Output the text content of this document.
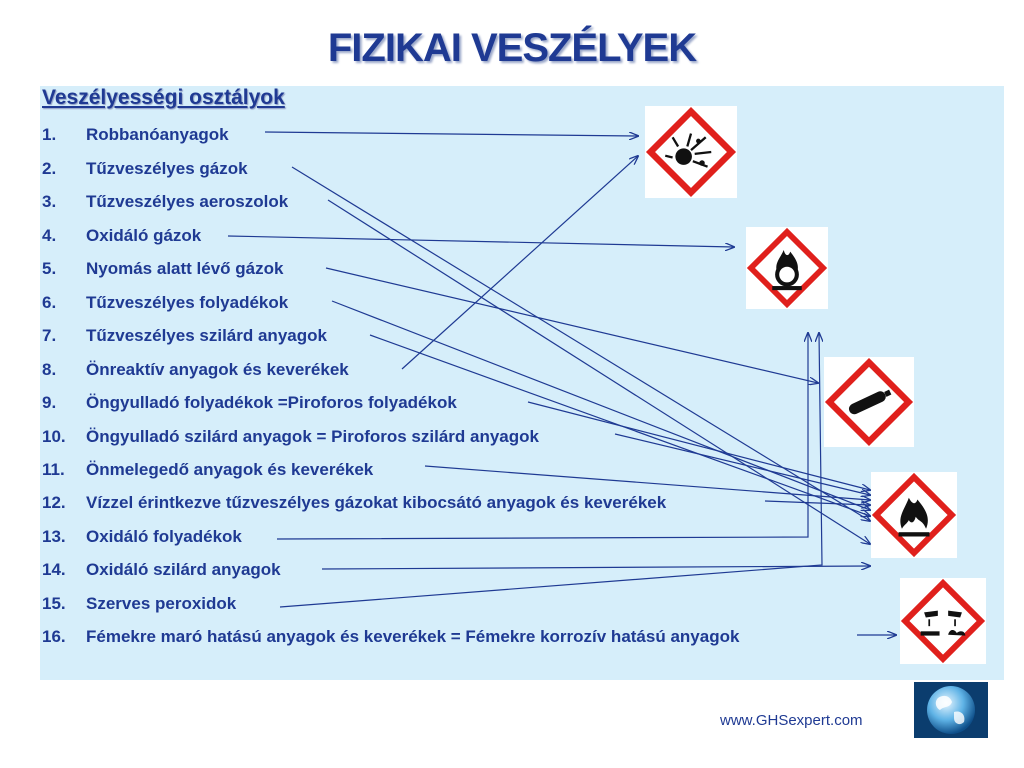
FIZIKAI VESZÉLYEK
Veszélyességi osztályok
1. Robbanóanyagok
2. Tűzveszélyes gázok
3. Tűzveszélyes aeroszolok
4. Oxidáló gázok
5. Nyomás alatt lévő gázok
6. Tűzveszélyes folyadékok
7. Tűzveszélyes szilárd anyagok
8. Önreaktív anyagok és keverékek
9. Öngyulladó folyadékok =Piroforos folyadékok
10. Öngyulladó szilárd anyagok = Piroforos szilárd anyagok
11. Önmelegedő anyagok és keverékek
12. Vízzel érintkezve tűzveszélyes gázokat kibocsátó anyagok és keverékek
13. Oxidáló folyadékok
14. Oxidáló szilárd anyagok
15. Szerves peroxidok
16. Fémekre maró hatású anyagok és keverékek = Fémekre korrozív hatású anyagok
www.GHSexpert.com
